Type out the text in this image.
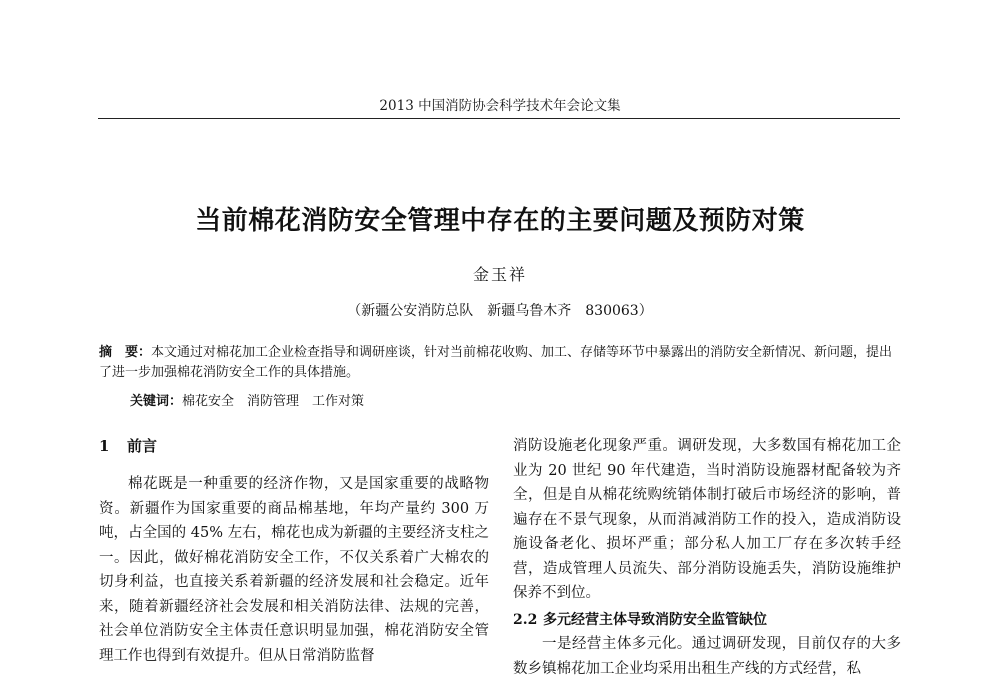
2013 中国消防协会科学技术年会论文集
当前棉花消防安全管理中存在的主要问题及预防对策
金玉祥
（新疆公安消防总队　新疆乌鲁木齐　830063）
摘　要：本文通过对棉花加工企业检查指导和调研座谈，针对当前棉花收购、加工、存储等环节中暴露出的消防安全新情况、新问题，提出了进一步加强棉花消防安全工作的具体措施。
关键词：棉花安全　消防管理　工作对策
1 前言

棉花既是一种重要的经济作物，又是国家重要的战略物资。新疆作为国家重要的商品棉基地，年均产量约 300 万吨，占全国的 45% 左右，棉花也成为新疆的主要经济支柱之一。因此，做好棉花消防安全工作，不仅关系着广大棉农的切身利益，也直接关系着新疆的经济发展和社会稳定。近年来，随着新疆经济社会发展和相关消防法律、法规的完善，社会单位消防安全主体责任意识明显加强，棉花消防安全管理工作也得到有效提升。但从日常消防监督

消防设施老化现象严重。调研发现，大多数国有棉花加工企业为 20 世纪 90 年代建造，当时消防设施器材配备较为齐全，但是自从棉花统购统销体制打破后市场经济的影响，普遍存在不景气现象，从而消减消防工作的投入，造成消防设施设备老化、损坏严重；部分私人加工厂存在多次转手经营，造成管理人员流失、部分消防设施丢失，消防设施维护保养不到位。

2.2 多元经营主体导致消防安全监管缺位

一是经营主体多元化。通过调研发现，目前仅存的大多数乡镇棉花加工企业均采用出租生产线的方式经营，私
